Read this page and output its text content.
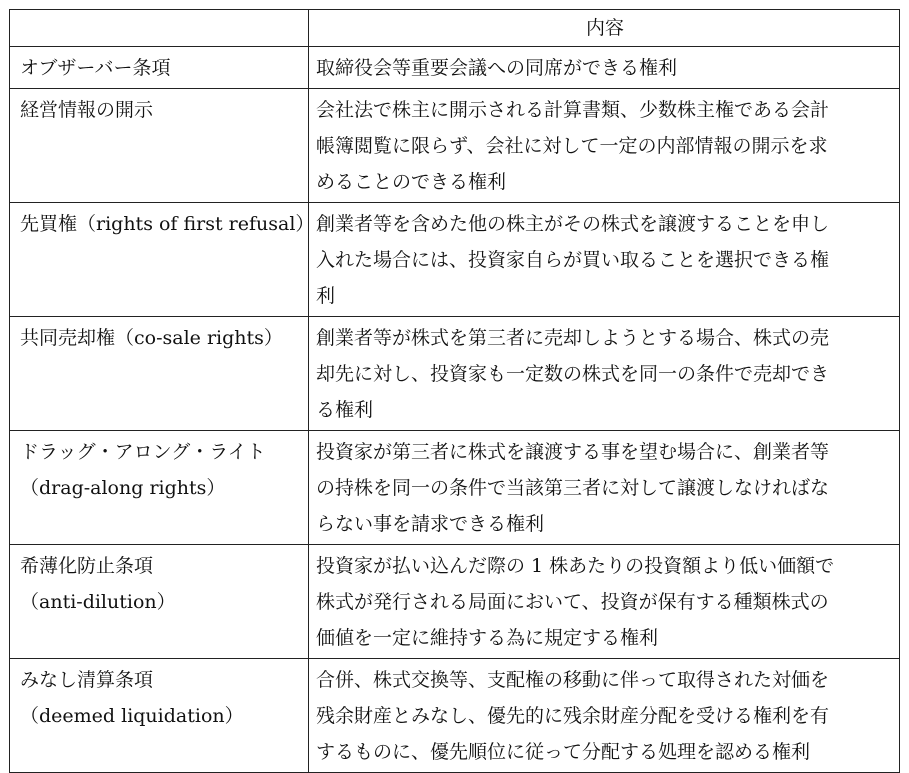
	内容

オブザーバー条項	取締役会等重要会議への同席ができる権利

経営情報の開示	会社法で株主に開示される計算書類、少数株主権である会計
帳簿閲覧に限らず、会社に対して一定の内部情報の開示を求
めることのできる権利

先買権（rights of first refusal）	創業者等を含めた他の株主がその株式を譲渡することを申し
入れた場合には、投資家自らが買い取ることを選択できる権
利

共同売却権（co-sale rights）	創業者等が株式を第三者に売却しようとする場合、株式の売
却先に対し、投資家も一定数の株式を同一の条件で売却でき
る権利

ドラッグ・アロング・ライト
（drag-along rights）	投資家が第三者に株式を譲渡する事を望む場合に、創業者等
の持株を同一の条件で当該第三者に対して譲渡しなければな
らない事を請求できる権利

希薄化防止条項
（anti-dilution）	投資家が払い込んだ際の 1 株あたりの投資額より低い価額で
株式が発行される局面において、投資が保有する種類株式の
価値を一定に維持する為に規定する権利

みなし清算条項
（deemed liquidation）	合併、株式交換等、支配権の移動に伴って取得された対価を
残余財産とみなし、優先的に残余財産分配を受ける権利を有
するものに、優先順位に従って分配する処理を認める権利
